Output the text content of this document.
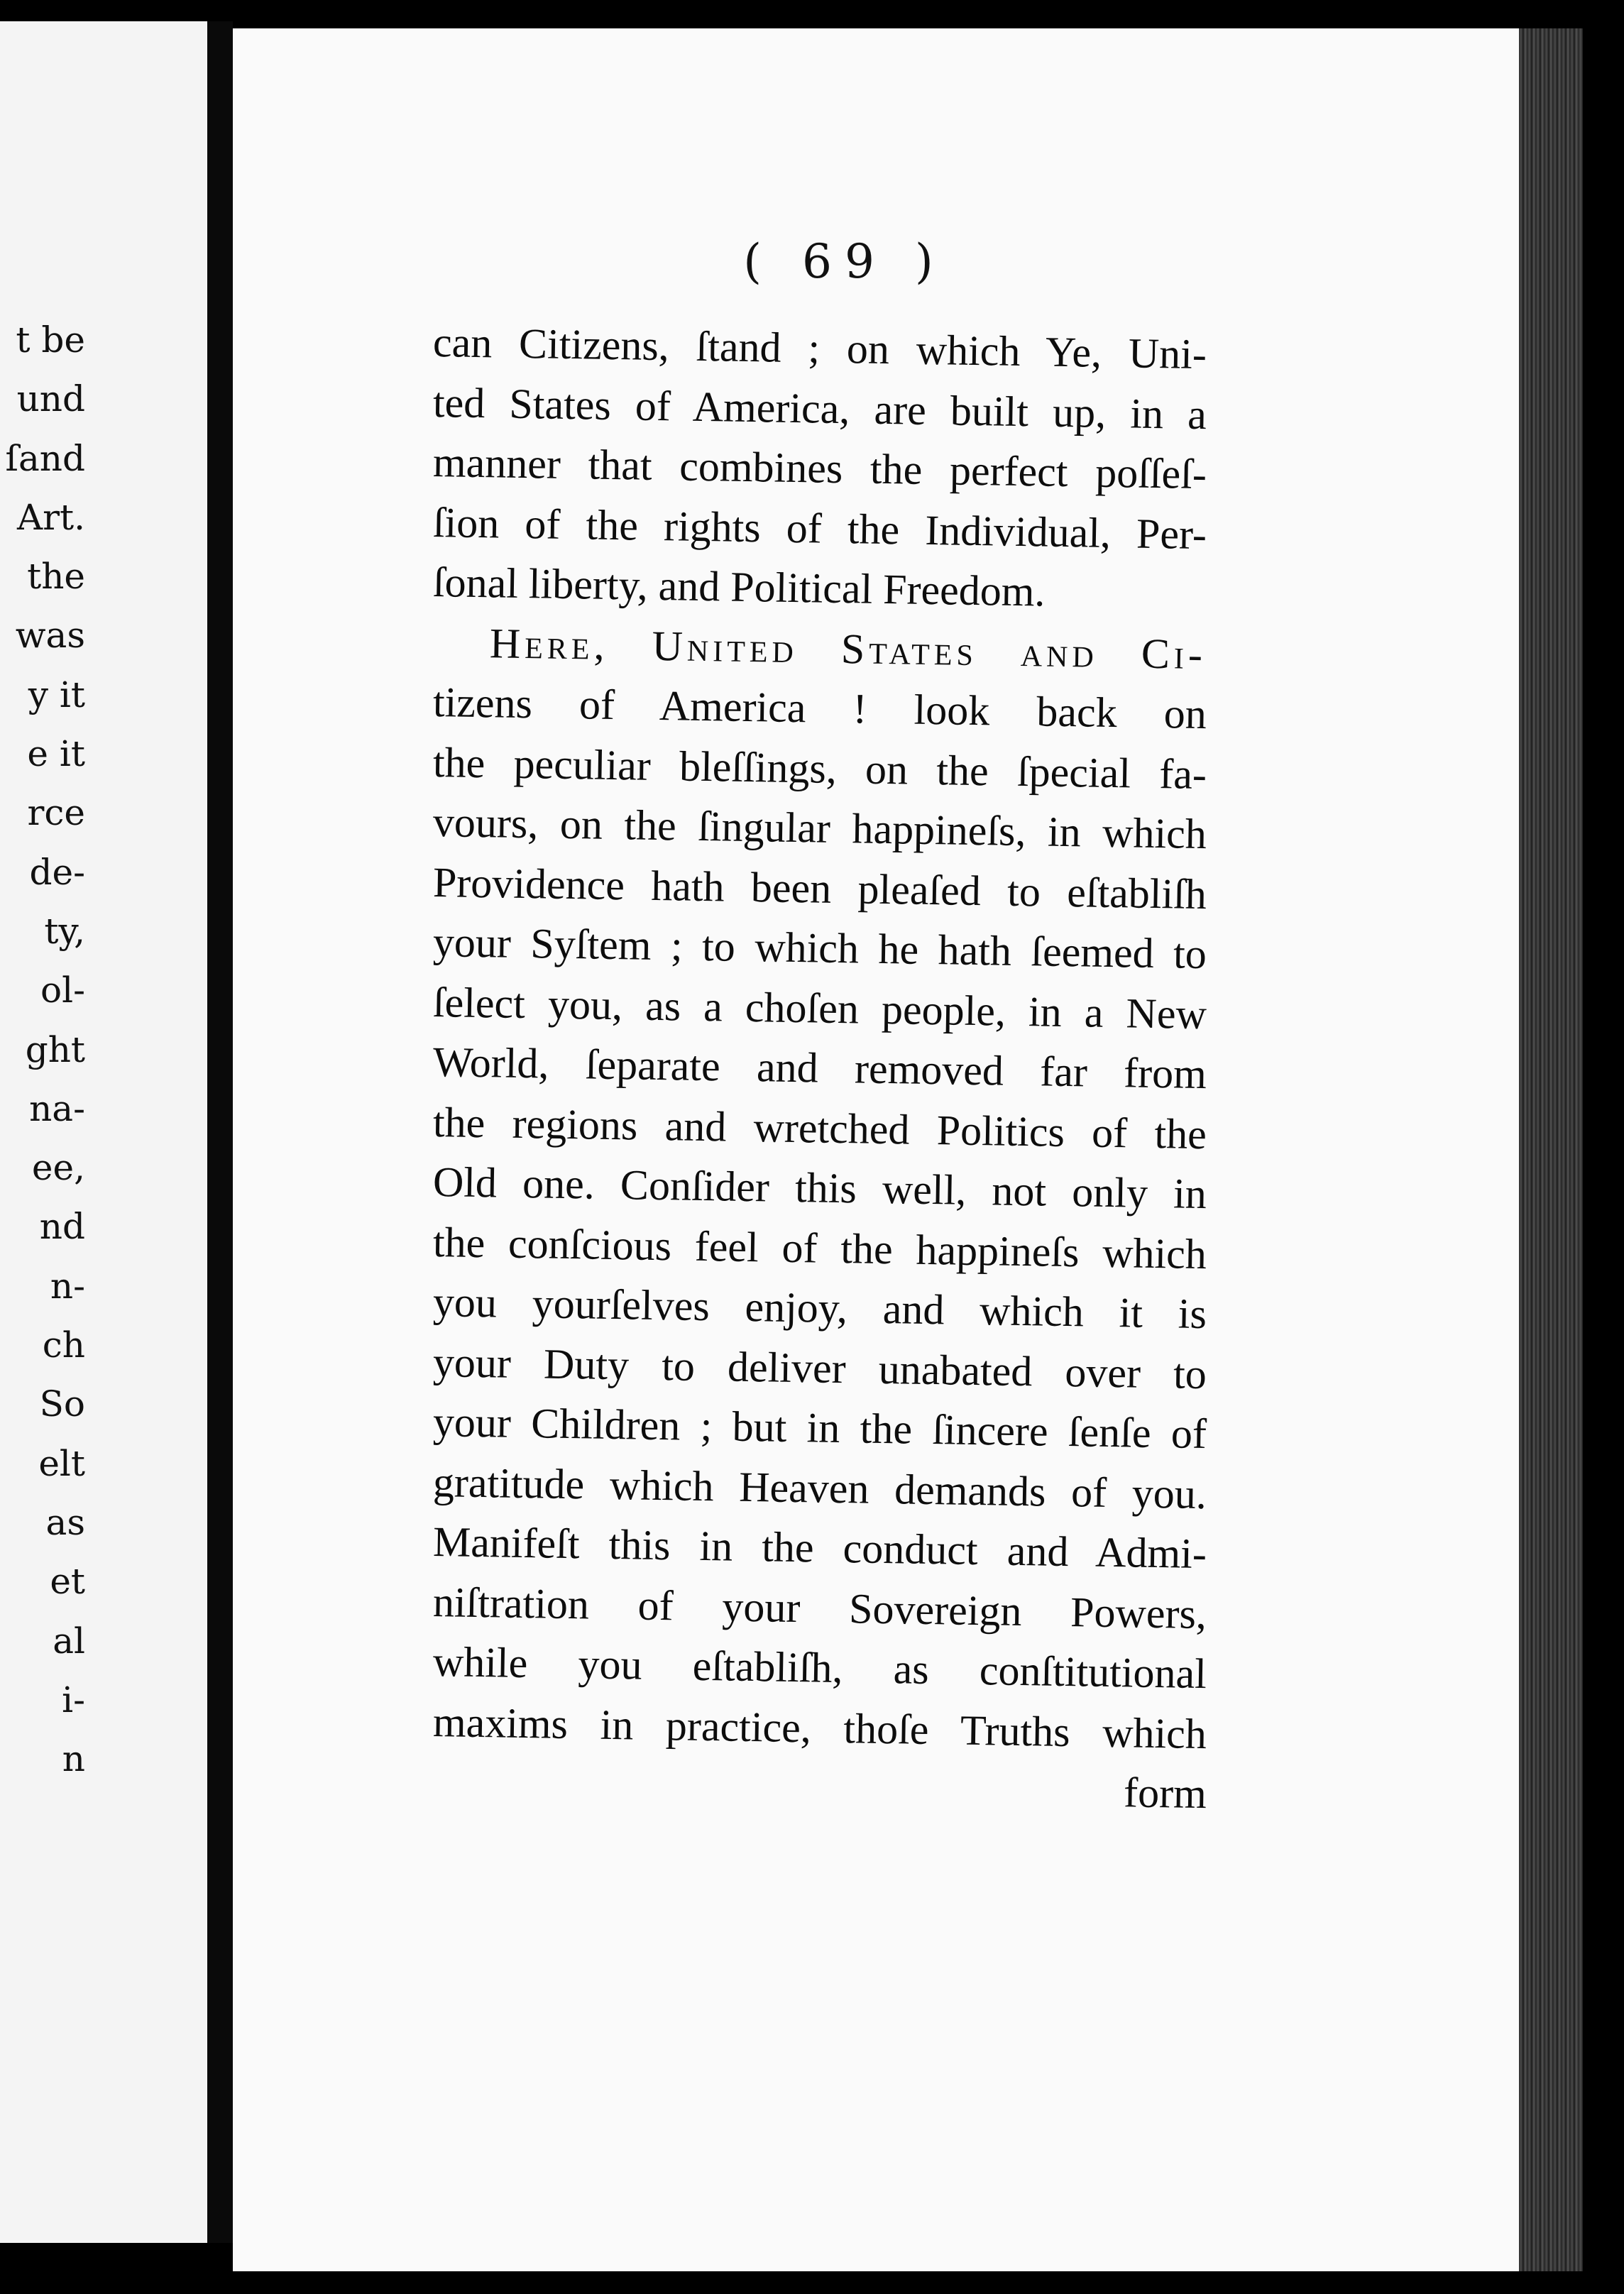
t be
und
ſand
Art.
the
was
y it
e it
rce
de-
ty,
ol-
ght
na-
ee,
nd
n-
ch
So
elt
as
et
al
i-
n
( 69 )
can Citizens, ſtand ; on which Ye, Uni-
ted States of America, are built up, in a
manner that combines the perfect poſſeſ-
ſion of the rights of the Individual, Per-
ſonal liberty, and Political Freedom.
Here, United States and Ci-
tizens of America ! look back on
the peculiar bleſſings, on the ſpecial fa-
vours, on the ſingular happineſs, in which
Providence hath been pleaſed to eſtabliſh
your Syſtem ; to which he hath ſeemed to
ſelect you, as a choſen people, in a New
World, ſeparate and removed far from
the regions and wretched Politics of the
Old one. Conſider this well, not only in
the conſcious feel of the happineſs which
you yourſelves enjoy, and which it is
your Duty to deliver unabated over to
your Children ; but in the ſincere ſenſe of
gratitude which Heaven demands of you.
Manifeſt this in the conduct and Admi-
niſtration of your Sovereign Powers,
while you eſtabliſh, as conſtitutional
maxims in practice, thoſe Truths which
form
